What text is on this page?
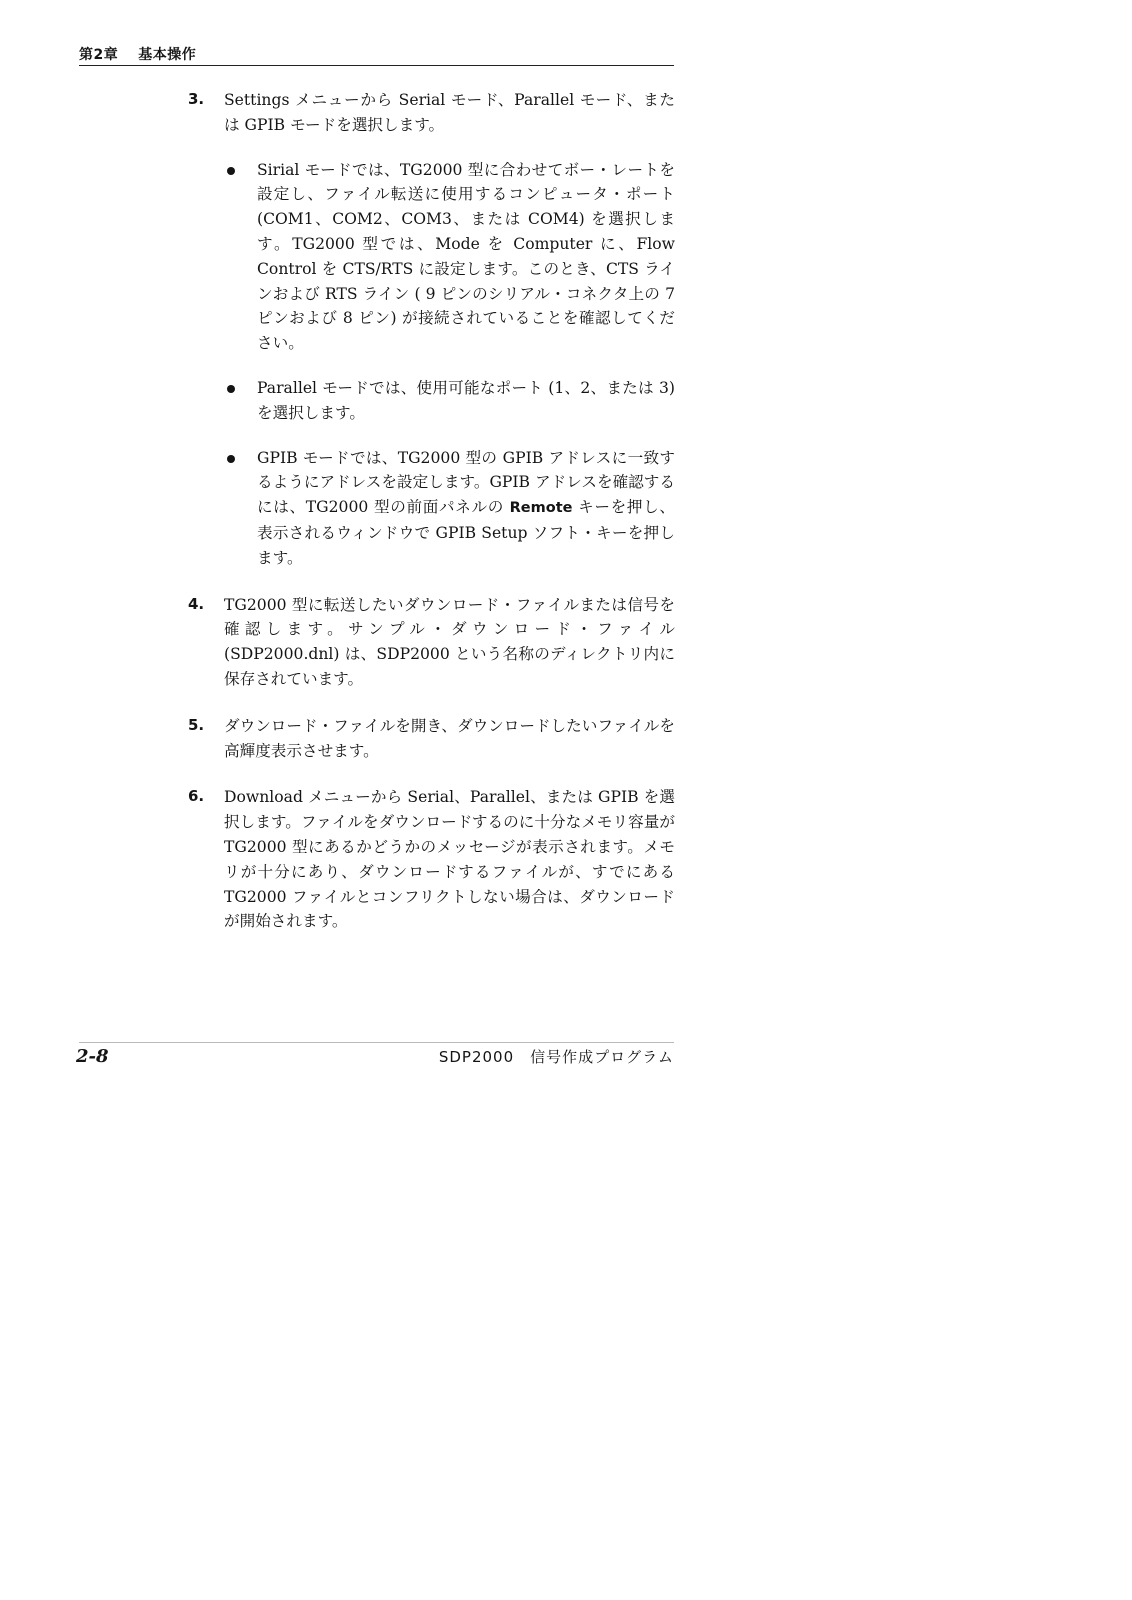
第2章 基本操作
3. Settings メニューから Serial モード、Parallel モード、または GPIB モードを選択します。
Sirial モードでは、TG2000 型に合わせてボー・レートを設定し、ファイル転送に使用するコンピュータ・ポート (COM1、COM2、COM3、または COM4) を選択します。TG2000 型では、Mode を Computer に、Flow Control を CTS/RTS に設定します。このとき、CTS ラインおよび RTS ライン ( 9 ピンのシリアル・コネクタ上の 7 ピンおよび 8 ピン) が接続されていることを確認してください。
Parallel モードでは、使用可能なポート (1、2、または 3) を選択します。
GPIB モードでは、TG2000 型の GPIB アドレスに一致するようにアドレスを設定します。GPIB アドレスを確認するには、TG2000 型の前面パネルの Remote キーを押し、表示されるウィンドウで GPIB Setup ソフト・キーを押します。
4. TG2000 型に転送したいダウンロード・ファイルまたは信号を確認します。サンプル・ダウンロード・ファイル (SDP2000.dnl) は、SDP2000 という名称のディレクトリ内に保存されています。
5. ダウンロード・ファイルを開き、ダウンロードしたいファイルを高輝度表示させます。
6. Download メニューから Serial、Parallel、または GPIB を選択します。ファイルをダウンロードするのに十分なメモリ容量が TG2000 型にあるかどうかのメッセージが表示されます。メモリが十分にあり、ダウンロードするファイルが、すでにある TG2000 ファイルとコンフリクトしない場合は、ダウンロードが開始されます。
2-8	SDP2000　信号作成プログラム
